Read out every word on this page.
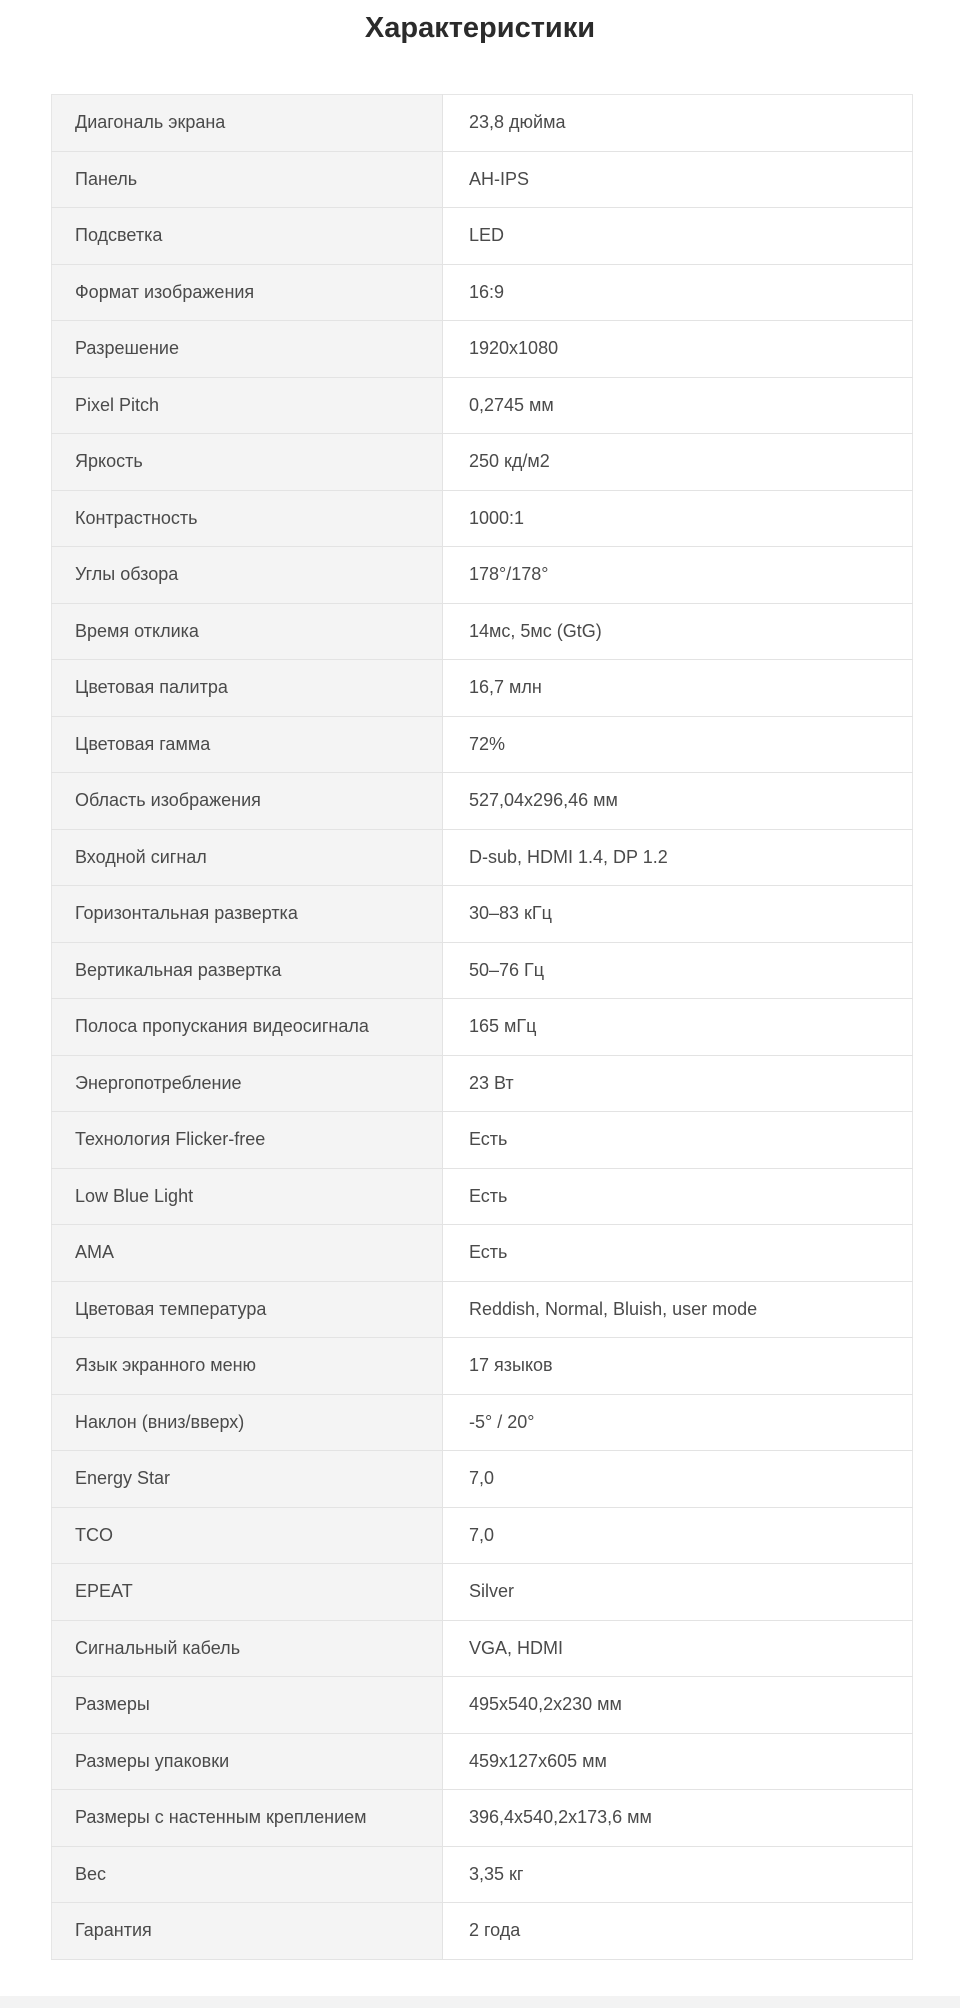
Характеристики
Диагональ экрана	23,8 дюйма
Панель	AH-IPS
Подсветка	LED
Формат изображения	16:9
Разрешение	1920x1080
Pixel Pitch	0,2745 мм
Яркость	250 кд/м2
Контрастность	1000:1
Углы обзора	178°/178°
Время отклика	14мс, 5мс (GtG)
Цветовая палитра	16,7 млн
Цветовая гамма	72%
Область изображения	527,04x296,46 мм
Входной сигнал	D-sub, HDMI 1.4, DP 1.2
Горизонтальная развертка	30–83 кГц
Вертикальная развертка	50–76 Гц
Полоса пропускания видеосигнала	165 мГц
Энергопотребление	23 Вт
Технология Flicker-free	Есть
Low Blue Light	Есть
AMA	Есть
Цветовая температура	Reddish, Normal, Bluish, user mode
Язык экранного меню	17 языков
Наклон (вниз/вверх)	-5° / 20°
Energy Star	7,0
TCO	7,0
EPEAT	Silver
Сигнальный кабель	VGA, HDMI
Размеры	495x540,2x230 мм
Размеры упаковки	459x127x605 мм
Размеры с настенным креплением	396,4x540,2x173,6 мм
Вес	3,35 кг
Гарантия	2 года
